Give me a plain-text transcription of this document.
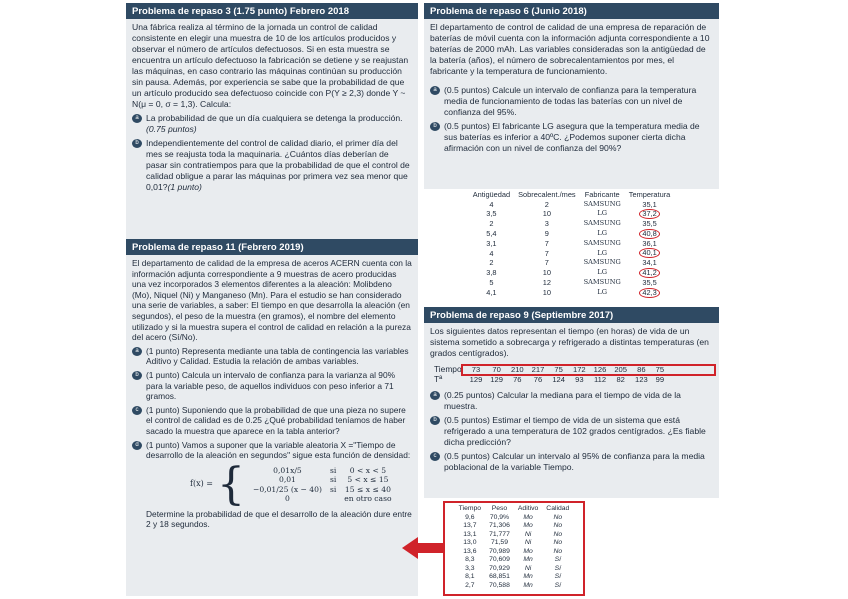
Problema de repaso 3 (1.75 punto) Febrero 2018
Una fábrica realiza al término de la jornada un control de calidad consistente en elegir una muestra de 10 de los artículos producidos y observar el número de artículos defectuosos. Si en esta muestra se encuentra un artículo defectuoso la fabricación se detiene y se reajustan las máquinas, en caso contrario las máquinas continúan su producción sin pausa. Además, por experiencia se sabe que la probabilidad de que un artículo producido sea defectuoso coincide con P(Y ≥ 2,3) donde Y ~ N(μ = 0, σ = 1,3). Calcula:
a La probabilidad de que un día cualquiera se detenga la producción. (0.75 puntos)
b Independientemente del control de calidad diario, el primer día del mes se reajusta toda la maquinaria. ¿Cuántos días deberían de pasar sin contratiempos para que la probabilidad de que el control de calidad obligue a parar las máquinas por primera vez sea menor que 0,01?(1 punto)
Problema de repaso 11 (Febrero 2019)
El departamento de calidad de la empresa de aceros ACERN cuenta con la información adjunta correspondiente a 9 muestras de acero producidas una vez incorporados 3 elementos diferentes a la aleación: Molibdeno (Mo), Niquel (Ni) y Manganeso (Mn). Para el estudio se han considerado una serie de variables, a saber: El tiempo en que desarrolla la aleación (en segundos), el peso de la muestra (en gramos), el nombre del elemento utilizado y si la muestra supera el control de calidad en relación a la pureza del acero (Sí/No).
a (1 punto) Representa mediante una tabla de contingencia las variables Aditivo y Calidad. Estudia la relación de ambas variables.
b (1 punto) Calcula un intervalo de confianza para la varianza al 90% para la variable peso, de aquellos individuos con peso inferior a 71 gramos.
c (1 punto) Suponiendo que la probabilidad de que una pieza no supere el control de calidad es de 0.25 ¿Qué probabilidad teníamos de haber sacado la muestra que aparece en la tabla anterior?
d (1 punto) Vamos a suponer que la variable aleatoria X ="Tiempo de desarrollo de la aleación en segundos" sigue esta función de densidad:
f(x) = {	0,01x/5	si	0 < x < 5
0,01	si	5 < x ≤ 15
−0,01/25 (x − 40)	si	15 ≤ x ≤ 40
0		en otro caso
Determine la probabilidad de que el desarrollo de la aleación dure entre 2 y 18 segundos.
Problema de repaso 6 (Junio 2018)
El departamento de control de calidad de una empresa de reparación de baterías de móvil cuenta con la información adjunta correspondiente a 10 baterías de 2000 mAh. Las variables consideradas son la antigüedad de la batería (años), el número de sobrecalentamientos por mes, el fabricante y la temperatura de funcionamiento.
a (0.5 puntos) Calcule un intervalo de confianza para la temperatura media de funcionamiento de todas las baterías con un nivel de confianza del 95%.
b (0.5 puntos) El fabricante LG asegura que la temperatura media de sus baterías es inferior a 40ºC. ¿Podemos suponer cierta dicha afirmación con un nivel de confianza del 90%?
Antigüedad	Sobrecalent./mes	Fabricante	Temperatura
4	2	SAMSUNG	35,1
3,5	10	LG	37,2
2	3	SAMSUNG	35,5
5,4	9	LG	40,8
3,1	7	SAMSUNG	36,1
4	7	LG	40,1
2	7	SAMSUNG	34,1
3,8	10	LG	41,2
5	12	SAMSUNG	35,5
4,1	10	LG	42,3
Problema de repaso 9 (Septiembre 2017)
Los siguientes datos representan el tiempo (en horas) de vida de un sistema sometido a sobrecarga y refrigerado a distintas temperaturas (en grados centígrados).
Tiempo	73	70	210	217	75	172	126	205	86	75
Tª	129	129	76	76	124	93	112	82	123	99
a (0.25 puntos) Calcular la mediana para el tiempo de vida de la muestra.
b (0.5 puntos) Estimar el tiempo de vida de un sistema que está refrigerado a una temperatura de 102 grados centígrados. ¿Es fiable dicha predicción?
c (0.5 puntos) Calcular un intervalo al 95% de confianza para la media poblacional de la variable Tiempo.
Tiempo	Peso	Aditivo	Calidad
9,6	70,9%	Mo	No
13,7	71,306	Mo	No
13,1	71,777	Ni	No
13,0	71,59	Ni	No
13,6	70,989	Mo	No
8,3	70,609	Mn	Sí
3,3	70,929	Ni	Sí
8,1	68,851	Mn	Sí
2,7	70,588	Mn	Sí
